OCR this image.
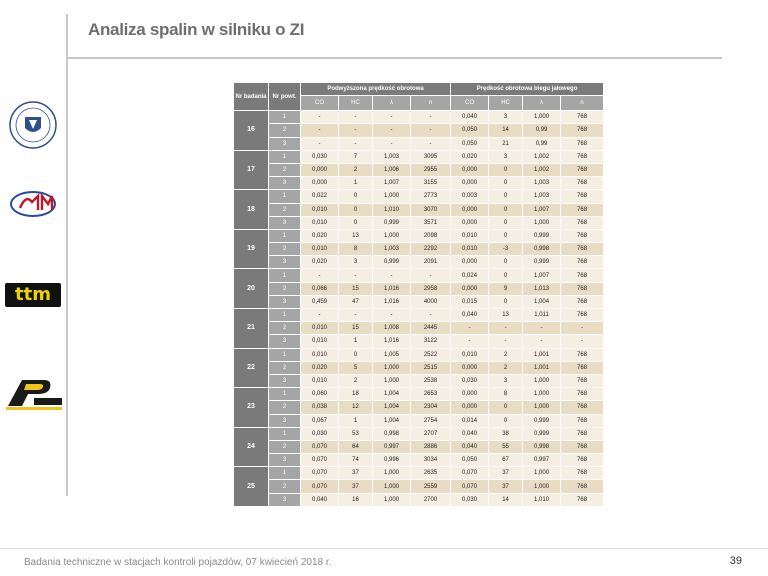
Analiza spalin w silniku o ZI
ttm
Nr badania	Nr powt.	Podwyższona prędkość obrotowa				Prędkość obrotowa biegu jałowego			
		CO	HC	λ	n	CO	HC	λ	n
16	1	-	-	-	-	0,040	3	1,000	768
	2	-	-	-	-	0,050	14	0,99	768
	3	-	-	-	-	0,050	21	0,99	768
17	1	0,030	7	1,003	3095	0,020	3	1,002	768
	2	0,000	2	1,006	2955	0,000	0	1,002	768
	3	0,000	1	1,007	3155	0,000	0	1,003	768
18	1	0,022	0	1,000	2773	0,003	0	1,003	768
	2	0,010	0	1,010	3070	0,000	0	1,007	768
	3	0,010	0	0,999	3571	0,000	0	1,000	768
19	1	0,020	13	1,000	2098	0,010	0	0,999	768
	2	0,010	8	1,003	2292	0,010	-3	0,998	768
	3	0,020	3	0,999	2091	0,000	0	0,999	768
20	1	-	-	-	-	0,024	0	1,007	768
	2	0,066	15	1,016	2958	0,000	9	1,013	768
	3	0,459	47	1,016	4000	0,015	0	1,004	768
21	1	-	-	-	-	0,040	13	1,011	768
	2	0,010	15	1,008	2445	-	-	-	-
	3	0,010	1	1,016	3122	-	-	-	-
22	1	0,010	0	1,005	2522	0,010	2	1,001	768
	2	0,020	5	1,000	2515	0,000	2	1,001	768
	3	0,010	2	1,000	2538	0,030	3	1,000	768
23	1	0,060	18	1,004	2653	0,000	8	1,000	768
	2	0,038	12	1,004	2304	0,000	0	1,000	768
	3	0,067	1	1,004	2754	0,014	0	0,999	768
24	1	0,030	53	0,998	2707	0,040	38	0,999	768
	2	0,070	64	0,997	2886	0,040	55	0,998	768
	3	0,070	74	0,996	3034	0,050	67	0,997	768
25	1	0,070	37	1,000	2635	0,070	37	1,000	768
	2	0,070	37	1,000	2559	0,070	37	1,000	768
	3	0,040	16	1,000	2700	0,030	14	1,010	768
Badania techniczne w stacjach kontroli pojazdów, 07 kwiecień 2018 r.	39
